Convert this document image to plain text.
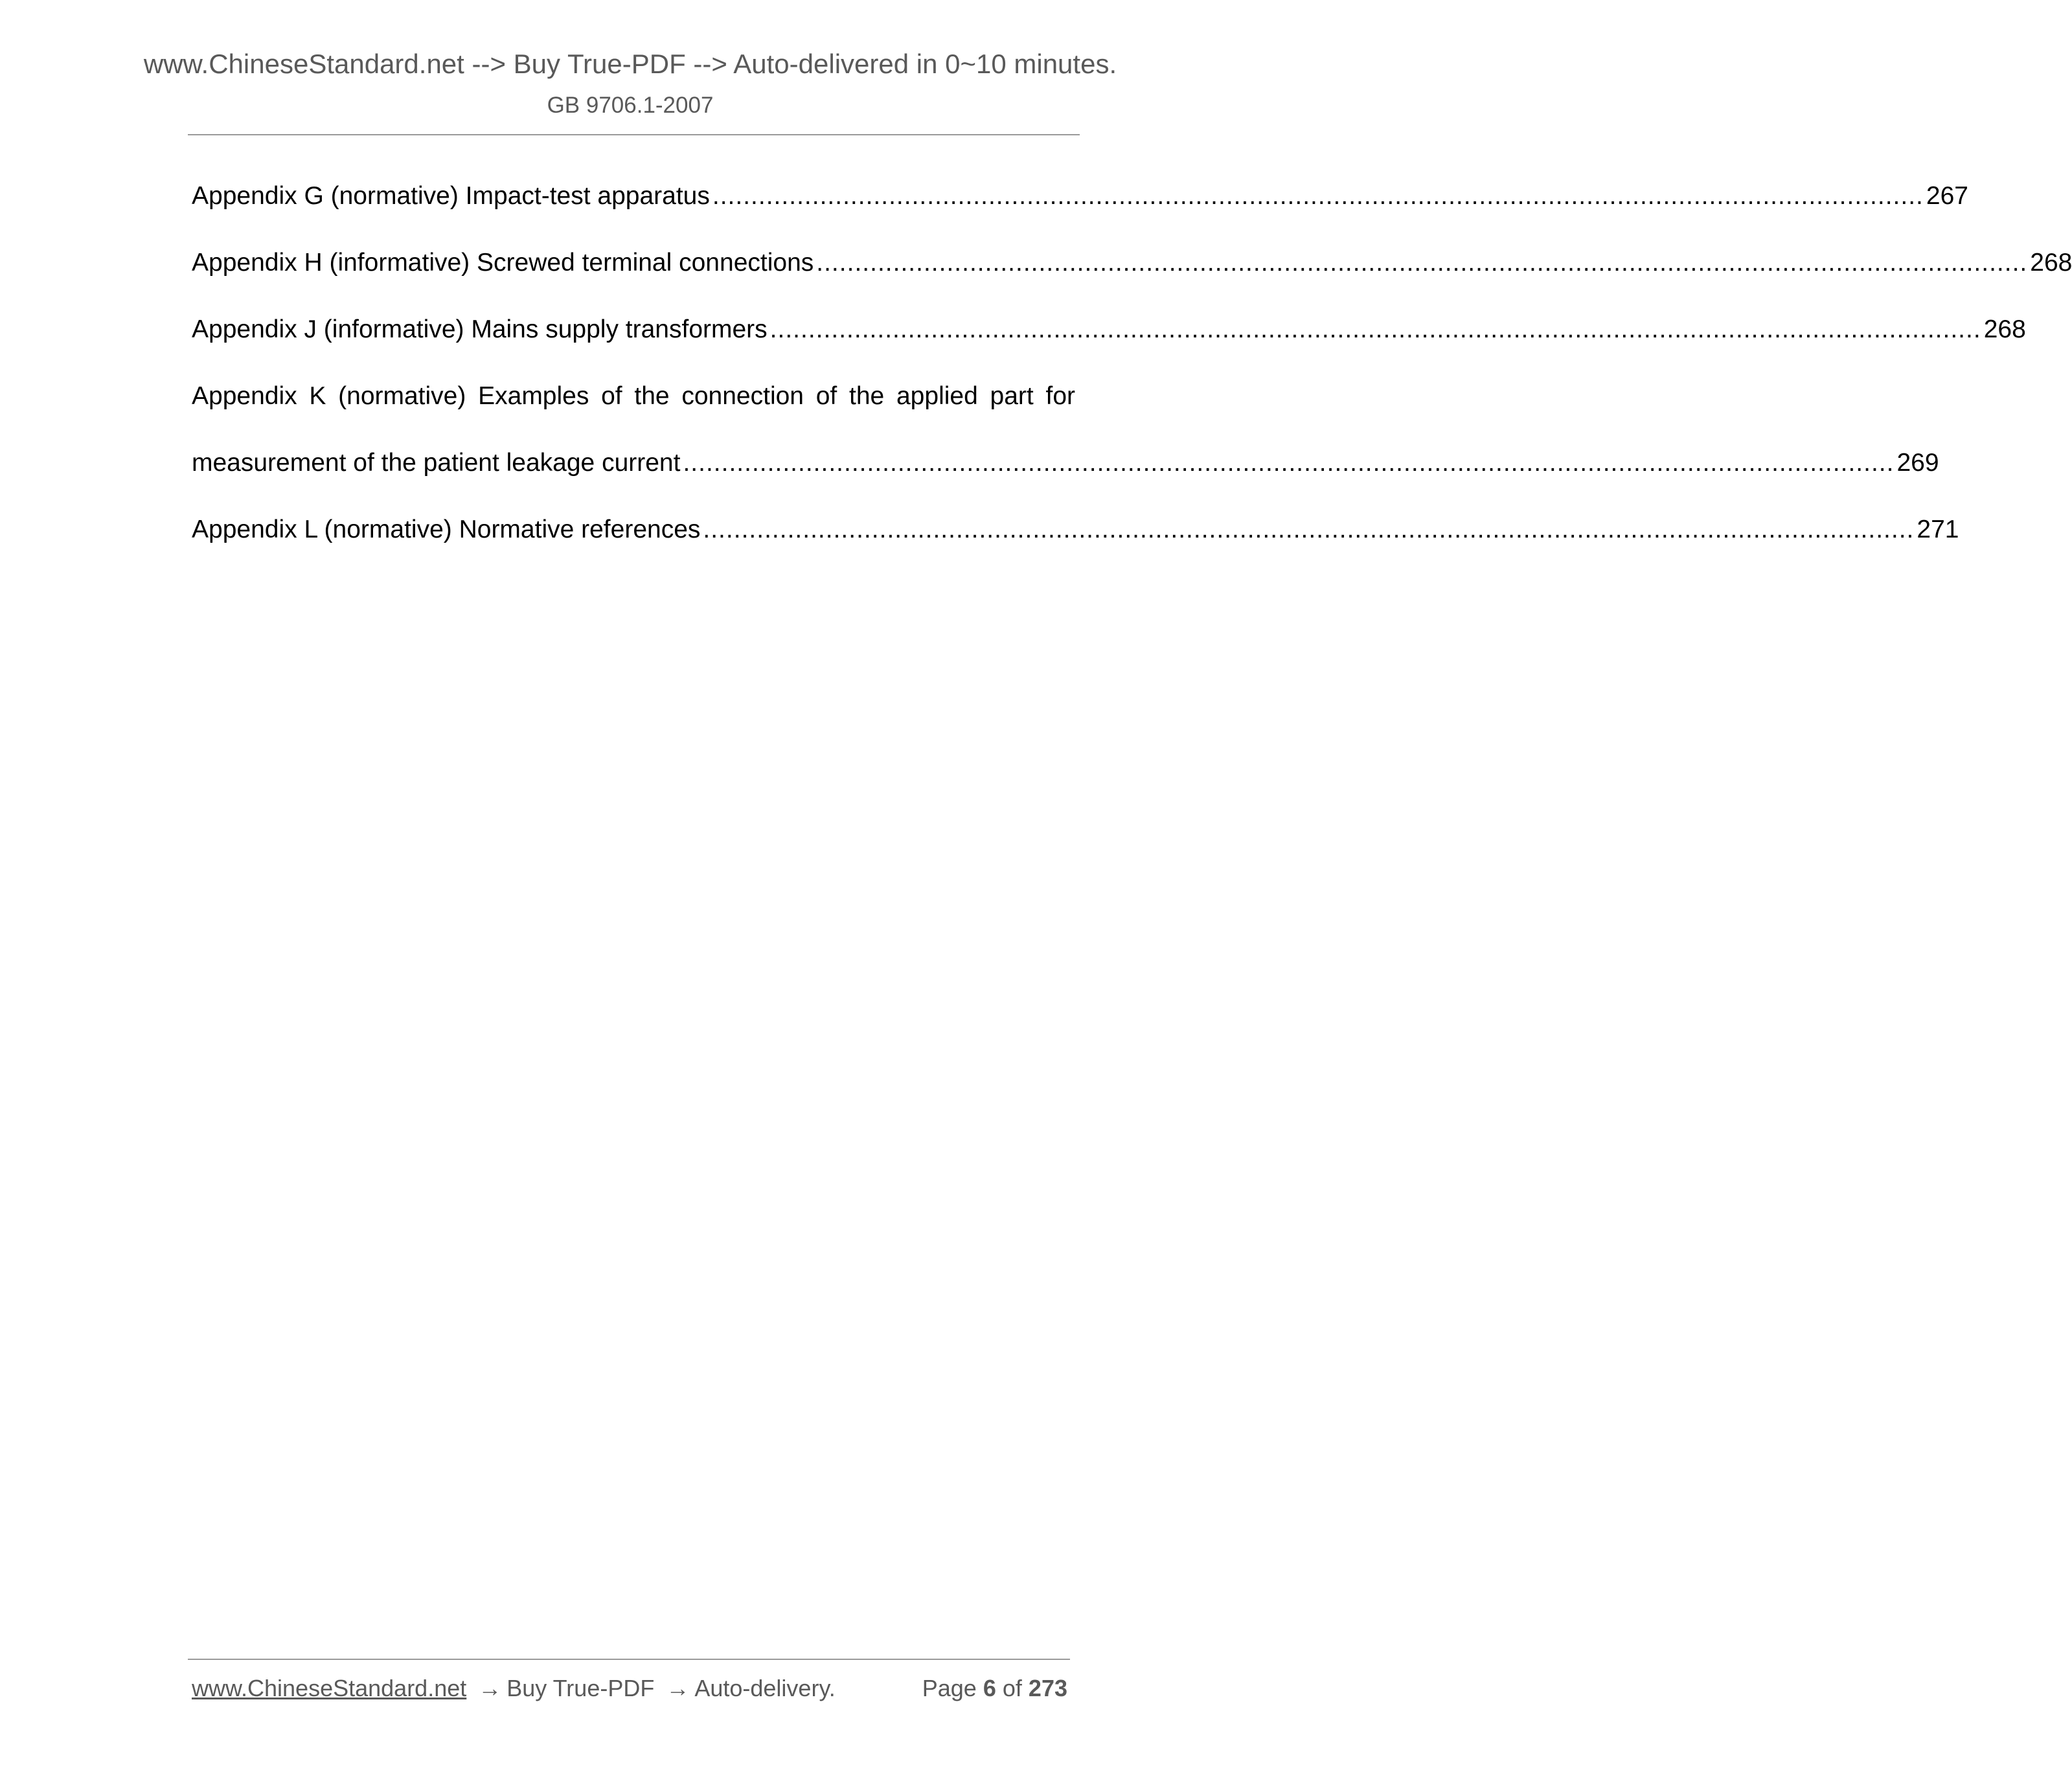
www.ChineseStandard.net --> Buy True-PDF --> Auto-delivered in 0~10 minutes.
GB 9706.1-2007
Appendix G (normative) Impact-test apparatus .............................................................................................................................................................. 267
Appendix H (informative) Screwed terminal connections .............................................................................................................................................................. 268
Appendix J (informative) Mains supply transformers .............................................................................................................................................................. 268
Appendix K (normative) Examples of the connection of the applied part for
measurement of the patient leakage current .............................................................................................................................................................. 269
Appendix L (normative) Normative references .............................................................................................................................................................. 271
www.ChineseStandard.net → Buy True-PDF → Auto-delivery.	Page 6 of 273
